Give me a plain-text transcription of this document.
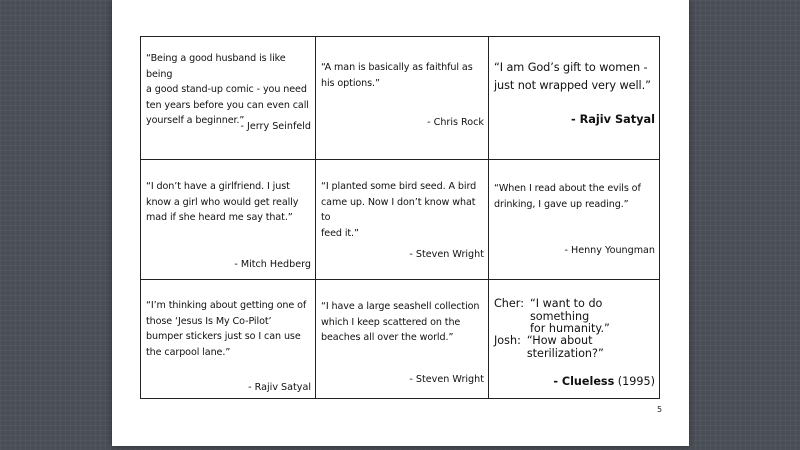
“Being a good husband is like being
a good stand-up comic - you need
ten years before you can even call
yourself a beginner.”
- Jerry Seinfeld
“A man is basically as faithful as
his options.”
- Chris Rock
“I am God’s gift to women -
just not wrapped very well.”
- Rajiv Satyal
“I don’t have a girlfriend. I just
know a girl who would get really
mad if she heard me say that.”
- Mitch Hedberg
“I planted some bird seed. A bird
came up. Now I don’t know what to
feed it.”
- Steven Wright
“When I read about the evils of
drinking, I gave up reading.”
- Henny Youngman
“I’m thinking about getting one of
those ‘Jesus Is My Co-Pilot’
bumper stickers just so I can use
the carpool lane.”
- Rajiv Satyal
“I have a large seashell collection
which I keep scattered on the
beaches all over the world.”
- Steven Wright
Cher: “I want to do something
for humanity.”
Josh: “How about
sterilization?”
- Clueless (1995)
5
